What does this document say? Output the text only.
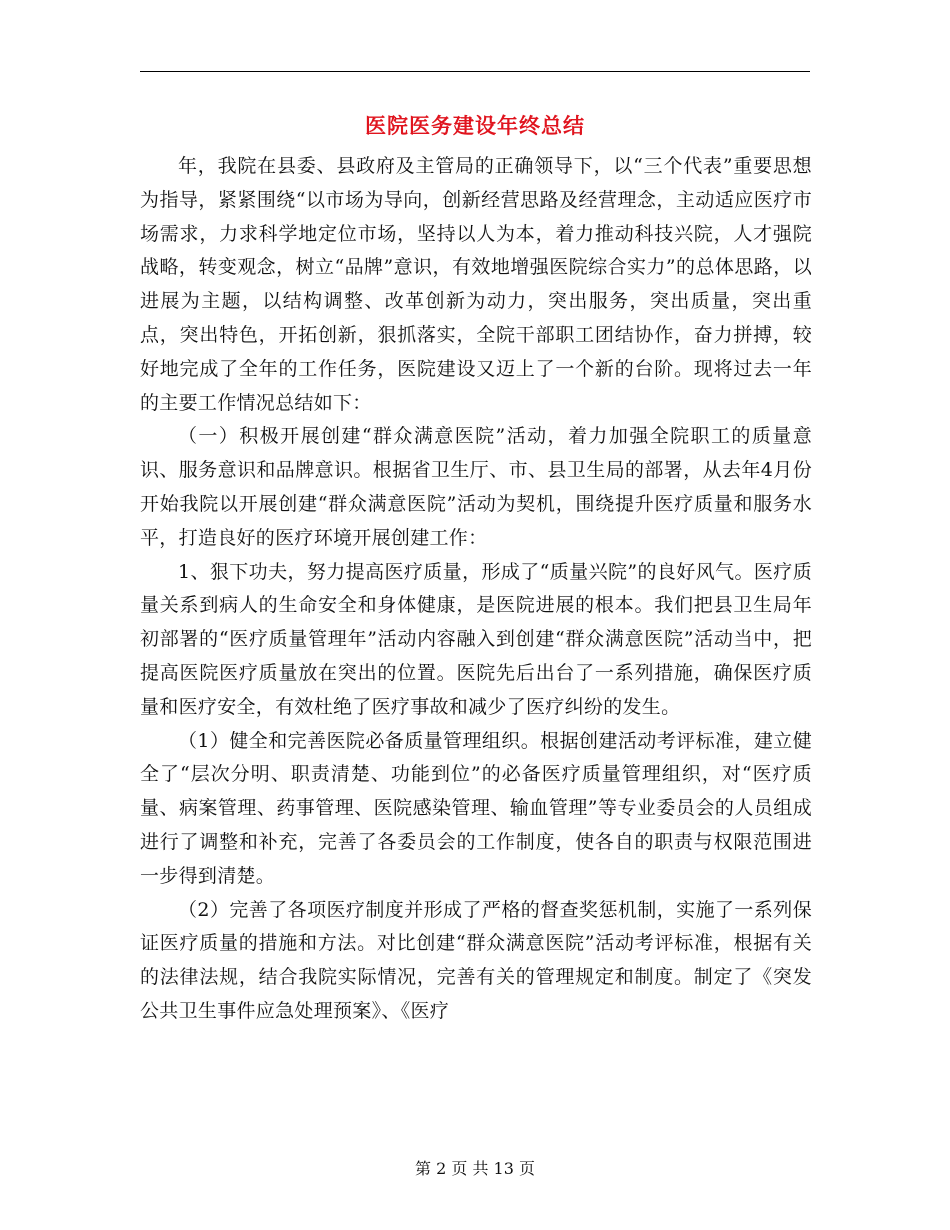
医院医务建设年终总结

年，我院在县委、县政府及主管局的正确领导下，以“三个代表”重要思想为指导，紧紧围绕“以市场为导向，创新经营思路及经营理念，主动适应医疗市场需求，力求科学地定位市场，坚持以人为本，着力推动科技兴院，人才强院战略，转变观念，树立“品牌”意识，有效地增强医院综合实力”的总体思路，以进展为主题，以结构调整、改革创新为动力，突出服务，突出质量，突出重点，突出特色，开拓创新，狠抓落实，全院干部职工团结协作，奋力拼搏，较好地完成了全年的工作任务，医院建设又迈上了一个新的台阶。现将过去一年的主要工作情况总结如下：

（一）积极开展创建“群众满意医院”活动，着力加强全院职工的质量意识、服务意识和品牌意识。根据省卫生厅、市、县卫生局的部署，从去年4月份开始我院以开展创建“群众满意医院”活动为契机，围绕提升医疗质量和服务水平，打造良好的医疗环境开展创建工作：

1、狠下功夫，努力提高医疗质量，形成了“质量兴院”的良好风气。医疗质量关系到病人的生命安全和身体健康，是医院进展的根本。我们把县卫生局年初部署的“医疗质量管理年”活动内容融入到创建“群众满意医院”活动当中，把提高医院医疗质量放在突出的位置。医院先后出台了一系列措施，确保医疗质量和医疗安全，有效杜绝了医疗事故和减少了医疗纠纷的发生。

（1）健全和完善医院必备质量管理组织。根据创建活动考评标准，建立健全了“层次分明、职责清楚、功能到位”的必备医疗质量管理组织，对“医疗质量、病案管理、药事管理、医院感染管理、输血管理”等专业委员会的人员组成进行了调整和补充，完善了各委员会的工作制度，使各自的职责与权限范围进一步得到清楚。

（2）完善了各项医疗制度并形成了严格的督查奖惩机制，实施了一系列保证医疗质量的措施和方法。对比创建“群众满意医院”活动考评标准，根据有关的法律法规，结合我院实际情况，完善有关的管理规定和制度。制定了《突发公共卫生事件应急处理预案》、《医疗

第 2 页 共 13 页
